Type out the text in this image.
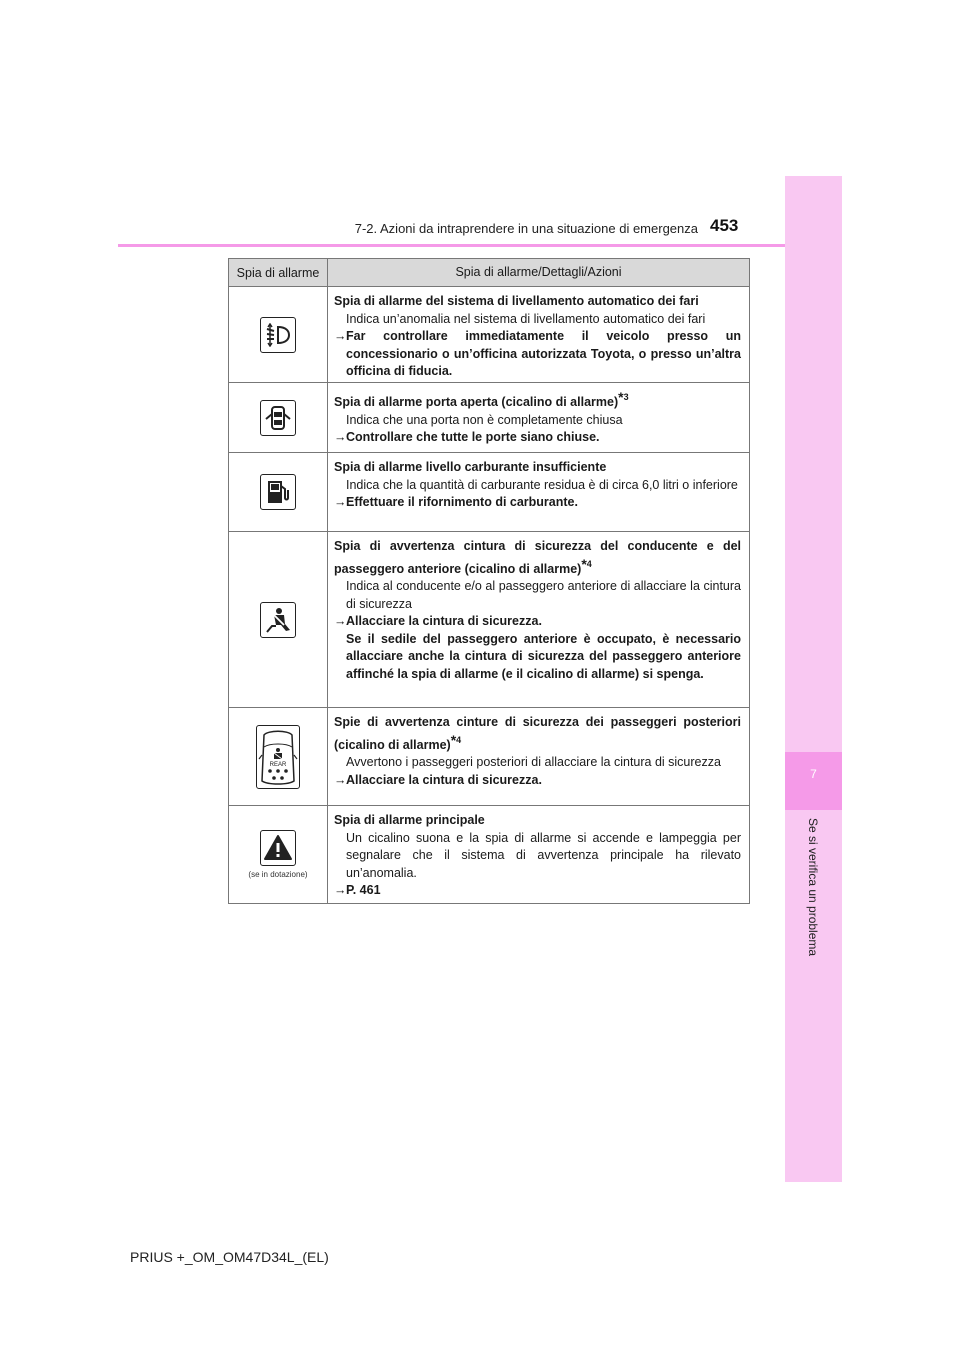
7
Se si verifica un problema
7-2. Azioni da intraprendere in una situazione di emergenza 453
Spia di allarme	Spia di allarme/Dettagli/Azioni
Spia di allarme del sistema di livellamento automatico dei fari
Indica un’anomalia nel sistema di livellamento automatico dei fari
→ Far controllare immediatamente il veicolo presso un concessionario o un’officina autorizzata Toyota, o presso un’altra officina di fiducia.
Spia di allarme porta aperta (cicalino di allarme)$^{*3}$
Indica che una porta non è completamente chiusa
→ Controllare che tutte le porte siano chiuse.
Spia di allarme livello carburante insufficiente
Indica che la quantità di carburante residua è di circa 6,0 litri o inferiore
→ Effettuare il rifornimento di carburante.
Spia di avvertenza cintura di sicurezza del conducente e del passeggero anteriore (cicalino di allarme)$^{*4}$
Indica al conducente e/o al passeggero anteriore di allacciare la cintura di sicurezza
→ Allacciare la cintura di sicurezza.
Se il sedile del passeggero anteriore è occupato, è necessario allacciare anche la cintura di sicurezza del passeggero anteriore affinché la spia di allarme (e il cicalino di allarme) si spenga.
REAR
Spie di avvertenza cinture di sicurezza dei passeggeri posteriori (cicalino di allarme)$^{*4}$
Avvertono i passeggeri posteriori di allacciare la cintura di sicurezza
→ Allacciare la cintura di sicurezza.
(se in dotazione)
Spia di allarme principale
Un cicalino suona e la spia di allarme si accende e lampeggia per segnalare che il sistema di avvertenza principale ha rilevato un’anomalia.
→ P. 461
PRIUS +_OM_OM47D34L_(EL)
